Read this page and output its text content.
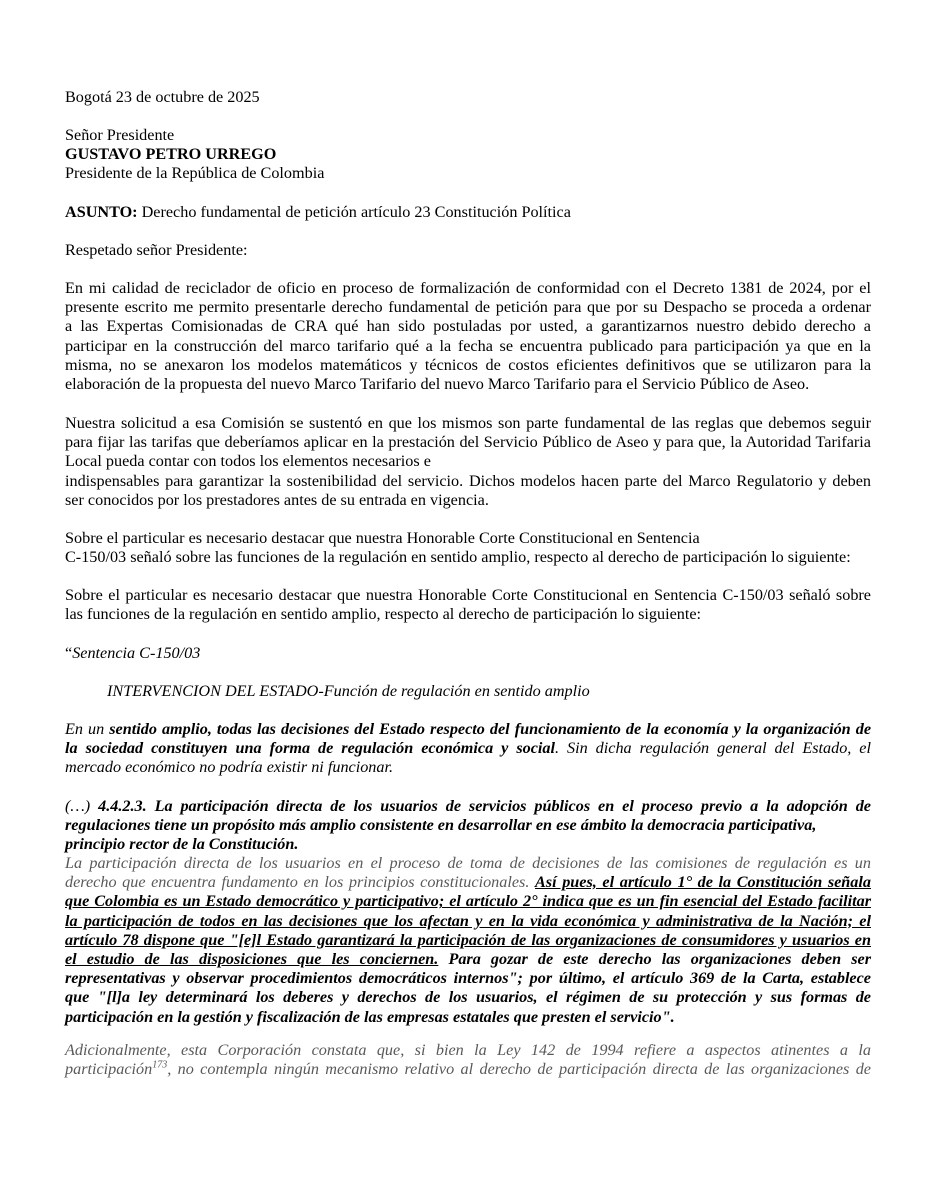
Bogotá 23 de octubre de 2025

Señor Presidente
GUSTAVO PETRO URREGO
Presidente de la República de Colombia

ASUNTO: Derecho fundamental de petición artículo 23 Constitución Política

Respetado señor Presidente:

En mi calidad de reciclador de oficio en proceso de formalización de conformidad con el Decreto 1381 de 2024, por el
presente escrito me permito presentarle derecho fundamental de petición para que por su Despacho se proceda a ordenar
a las Expertas Comisionadas de CRA qué han sido postuladas por usted, a garantizarnos nuestro debido derecho a
participar en la construcción del marco tarifario qué a la fecha se encuentra publicado para participación ya que en la
misma, no se anexaron los modelos matemáticos y técnicos de costos eficientes definitivos que se utilizaron para la
elaboración de la propuesta del nuevo Marco Tarifario del nuevo Marco Tarifario para el Servicio Público de Aseo.
Nuestra solicitud a esa Comisión se sustentó en que los mismos son parte fundamental de las reglas que debemos seguir
para fijar las tarifas que deberíamos aplicar en la prestación del Servicio Público de Aseo y para que, la Autoridad Tarifaria
Local pueda contar con todos los elementos necesarios e
indispensables para garantizar la sostenibilidad del servicio. Dichos modelos hacen parte del Marco Regulatorio y deben
ser conocidos por los prestadores antes de su entrada en vigencia.
Sobre el particular es necesario destacar que nuestra Honorable Corte Constitucional en Sentencia
C-150/03 señaló sobre las funciones de la regulación en sentido amplio, respecto al derecho de participación lo siguiente:
Sobre el particular es necesario destacar que nuestra Honorable Corte Constitucional en Sentencia C-150/03 señaló sobre
las funciones de la regulación en sentido amplio, respecto al derecho de participación lo siguiente:

“Sentencia C-150/03

INTERVENCION DEL ESTADO-Función de regulación en sentido amplio

En un sentido amplio, todas las decisiones del Estado respecto del funcionamiento de la economía y la organización de
la sociedad constituyen una forma de regulación económica y social. Sin dicha regulación general del Estado, el
mercado económico no podría existir ni funcionar.
(…) 4.4.2.3. La participación directa de los usuarios de servicios públicos en el proceso previo a la adopción de
regulaciones tiene un propósito más amplio consistente en desarrollar en ese ámbito la democracia participativa,
principio rector de la Constitución.
La participación directa de los usuarios en el proceso de toma de decisiones de las comisiones de regulación es un
derecho que encuentra fundamento en los principios constitucionales. Así pues, el artículo 1° de la Constitución señala
que Colombia es un Estado democrático y participativo; el artículo 2° indica que es un fin esencial del Estado facilitar
la participación de todos en las decisiones que los afectan y en la vida económica y administrativa de la Nación; el
artículo 78 dispone que "[e]l Estado garantizará la participación de las organizaciones de consumidores y usuarios en
el estudio de las disposiciones que les conciernen. Para gozar de este derecho las organizaciones deben ser
representativas y observar procedimientos democráticos internos"; por último, el artículo 369 de la Carta, establece
que "[l]a ley determinará los deberes y derechos de los usuarios, el régimen de su protección y sus formas de
participación en la gestión y fiscalización de las empresas estatales que presten el servicio".
Adicionalmente, esta Corporación constata que, si bien la Ley 142 de 1994 refiere a aspectos atinentes a la
participación$^{173}$, no contempla ningún mecanismo relativo al derecho de participación directa de las organizaciones de
